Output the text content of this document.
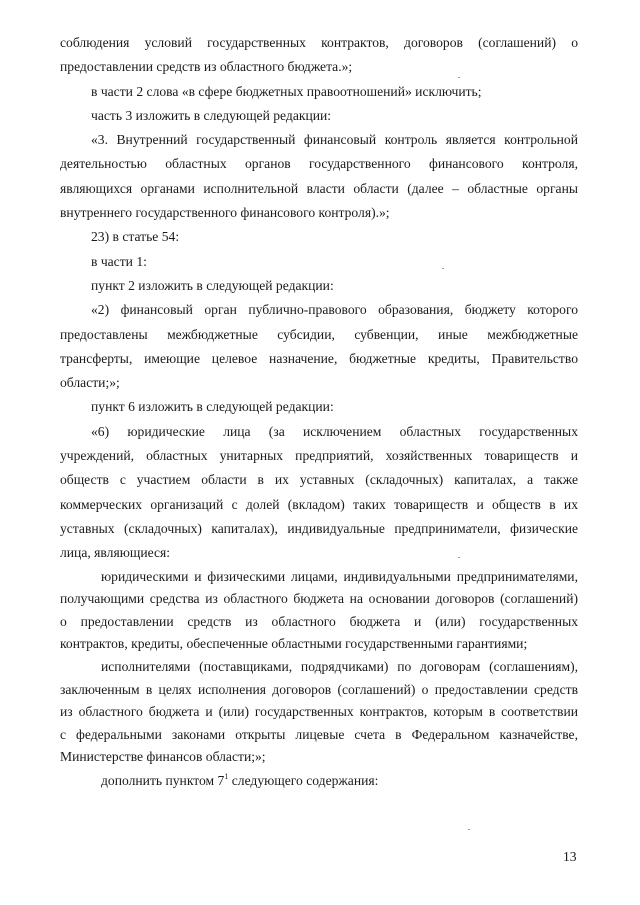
соблюдения условий государственных контрактов, договоров (соглашений) о
предоставлении средств из областного бюджета.»;

в части 2 слова «в сфере бюджетных правоотношений» исключить;

часть 3 изложить в следующей редакции:

«3. Внутренний государственный финансовый контроль является контрольной
деятельностью областных органов государственного финансового контроля,
являющихся органами исполнительной власти области (далее – областные органы
внутреннего государственного финансового контроля).»;

23) в статье 54:

в части 1:

пункт 2 изложить в следующей редакции:

«2) финансовый орган публично-правового образования, бюджету которого
предоставлены межбюджетные субсидии, субвенции, иные межбюджетные
трансферты, имеющие целевое назначение, бюджетные кредиты, Правительство
области;»;

пункт 6 изложить в следующей редакции:

«6) юридические лица (за исключением областных государственных
учреждений, областных унитарных предприятий, хозяйственных товариществ и
обществ с участием области в их уставных (складочных) капиталах, а также
коммерческих организаций с долей (вкладом) таких товариществ и обществ в их
уставных (складочных) капиталах), индивидуальные предприниматели, физические
лица, являющиеся:

юридическими и физическими лицами, индивидуальными предпринимателями,
получающими средства из областного бюджета на основании договоров (соглашений)
о предоставлении средств из областного бюджета и (или) государственных
контрактов, кредиты, обеспеченные областными государственными гарантиями;

исполнителями (поставщиками, подрядчиками) по договорам (соглашениям),
заключенным в целях исполнения договоров (соглашений) о предоставлении средств
из областного бюджета и (или) государственных контрактов, которым в соответствии
с федеральными законами открыты лицевые счета в Федеральном казначействе,
Министерстве финансов области;»;

дополнить пунктом $7^1$ следующего содержания:

13
